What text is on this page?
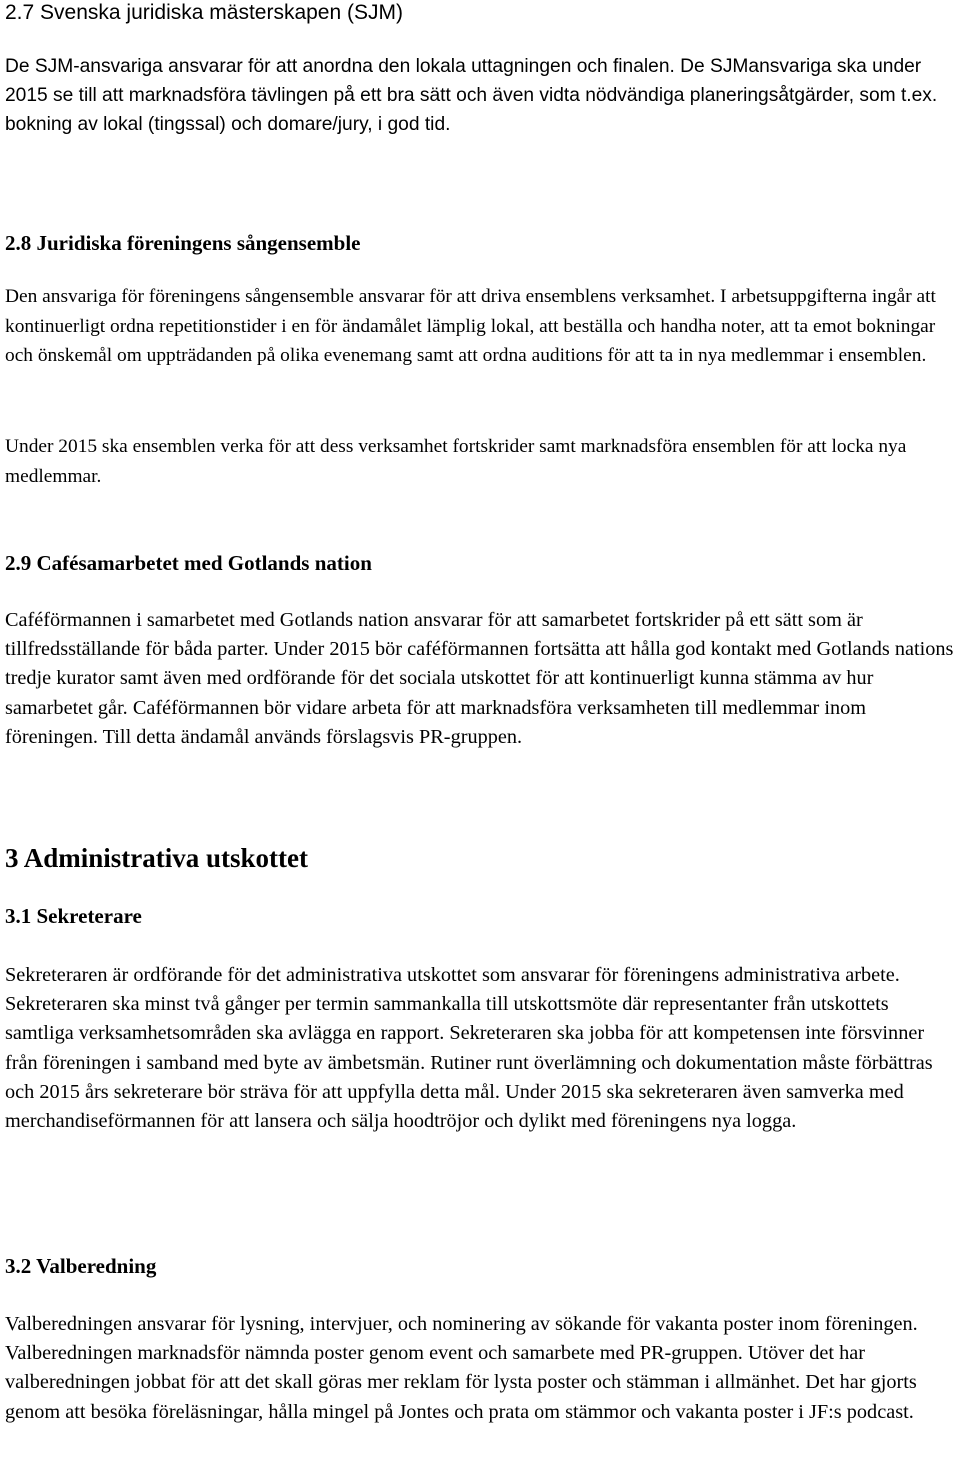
2.7 Svenska juridiska mästerskapen (SJM)

De SJM-ansvariga ansvarar för att anordna den lokala uttagningen och finalen. De SJMansvariga ska under 2015 se till att marknadsföra tävlingen på ett bra sätt och även vidta nödvändiga planeringsåtgärder, som t.ex. bokning av lokal (tingssal) och domare/jury, i god tid.

2.8 Juridiska föreningens sångensemble

Den ansvariga för föreningens sångensemble ansvarar för att driva ensemblens verksamhet. I arbetsuppgifterna ingår att kontinuerligt ordna repetitionstider i en för ändamålet lämplig lokal, att beställa och handha noter, att ta emot bokningar och önskemål om uppträdanden på olika evenemang samt att ordna auditions för att ta in nya medlemmar i ensemblen.

Under 2015 ska ensemblen verka för att dess verksamhet fortskrider samt marknadsföra ensemblen för att locka nya medlemmar.

2.9 Cafésamarbetet med Gotlands nation

Caféförmannen i samarbetet med Gotlands nation ansvarar för att samarbetet fortskrider på ett sätt som är tillfredsställande för båda parter. Under 2015 bör caféförmannen fortsätta att hålla god kontakt med Gotlands nations tredje kurator samt även med ordförande för det sociala utskottet för att kontinuerligt kunna stämma av hur samarbetet går. Caféförmannen bör vidare arbeta för att marknadsföra verksamheten till medlemmar inom föreningen. Till detta ändamål används förslagsvis PR-gruppen.

3 Administrativa utskottet
3.1 Sekreterare

Sekreteraren är ordförande för det administrativa utskottet som ansvarar för föreningens administrativa arbete. Sekreteraren ska minst två gånger per termin sammankalla till utskottsmöte där representanter från utskottets samtliga verksamhetsområden ska avlägga en rapport. Sekreteraren ska jobba för att kompetensen inte försvinner från föreningen i samband med byte av ämbetsmän. Rutiner runt överlämning och dokumentation måste förbättras och 2015 års sekreterare bör sträva för att uppfylla detta mål. Under 2015 ska sekreteraren även samverka med merchandiseförmannen för att lansera och sälja hoodtröjor och dylikt med föreningens nya logga.

3.2 Valberedning

Valberedningen ansvarar för lysning, intervjuer, och nominering av sökande för vakanta poster inom föreningen. Valberedningen marknadsför nämnda poster genom event och samarbete med PR-gruppen. Utöver det har valberedningen jobbat för att det skall göras mer reklam för lysta poster och stämman i allmänhet. Det har gjorts genom att besöka föreläsningar, hålla mingel på Jontes och prata om stämmor och vakanta poster i JF:s podcast.
